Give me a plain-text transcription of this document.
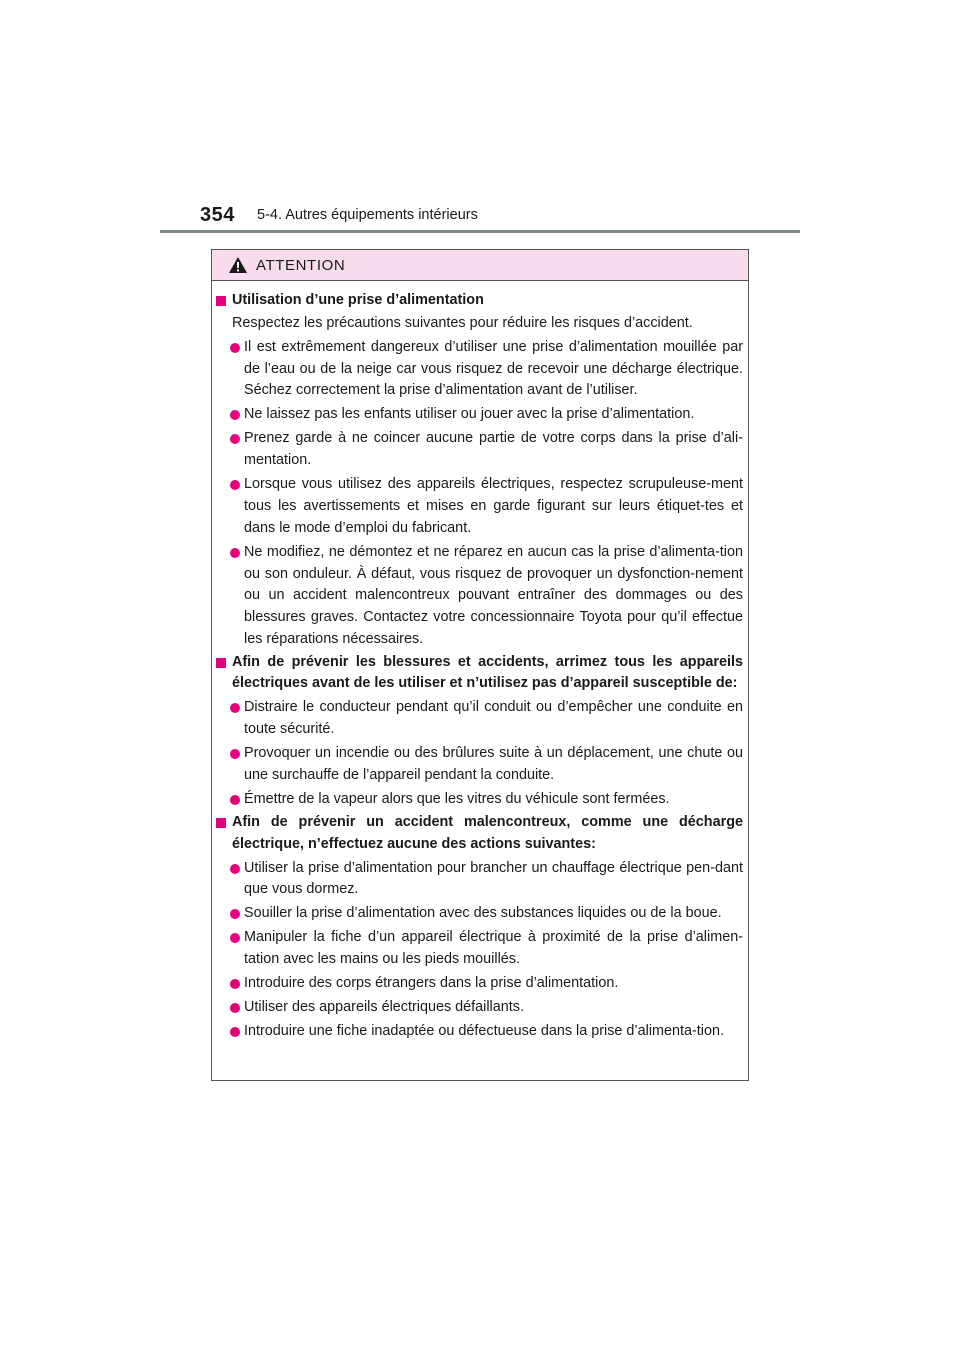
354 5-4. Autres équipements intérieurs
ATTENTION
Utilisation d’une prise d’alimentation
Respectez les précautions suivantes pour réduire les risques d’accident.
Il est extrêmement dangereux d’utiliser une prise d’alimentation mouillée par de l’eau ou de la neige car vous risquez de recevoir une décharge électrique. Séchez correctement la prise d’alimentation avant de l’utiliser.
Ne laissez pas les enfants utiliser ou jouer avec la prise d’alimentation.
Prenez garde à ne coincer aucune partie de votre corps dans la prise d’ali-mentation.
Lorsque vous utilisez des appareils électriques, respectez scrupuleuse-ment tous les avertissements et mises en garde figurant sur leurs étiquet-tes et dans le mode d’emploi du fabricant.
Ne modifiez, ne démontez et ne réparez en aucun cas la prise d’alimenta-tion ou son onduleur. À défaut, vous risquez de provoquer un dysfonction-nement ou un accident malencontreux pouvant entraîner des dommages ou des blessures graves. Contactez votre concessionnaire Toyota pour qu’il effectue les réparations nécessaires.
Afin de prévenir les blessures et accidents, arrimez tous les appareils électriques avant de les utiliser et n’utilisez pas d’appareil susceptible de:
Distraire le conducteur pendant qu’il conduit ou d’empêcher une conduite en toute sécurité.
Provoquer un incendie ou des brûlures suite à un déplacement, une chute ou une surchauffe de l’appareil pendant la conduite.
Émettre de la vapeur alors que les vitres du véhicule sont fermées.
Afin de prévenir un accident malencontreux, comme une décharge électrique, n’effectuez aucune des actions suivantes:
Utiliser la prise d’alimentation pour brancher un chauffage électrique pen-dant que vous dormez.
Souiller la prise d’alimentation avec des substances liquides ou de la boue.
Manipuler la fiche d’un appareil électrique à proximité de la prise d’alimen-tation avec les mains ou les pieds mouillés.
Introduire des corps étrangers dans la prise d’alimentation.
Utiliser des appareils électriques défaillants.
Introduire une fiche inadaptée ou défectueuse dans la prise d’alimenta-tion.
